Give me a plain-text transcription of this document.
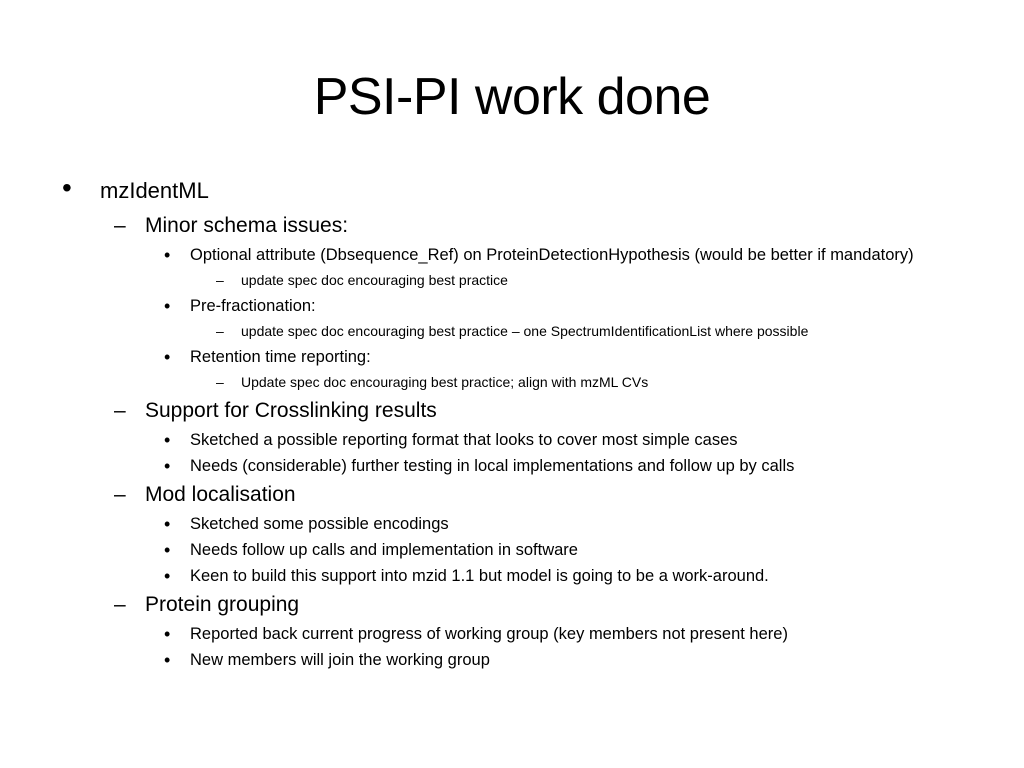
PSI-PI work done
• mzIdentML
– Minor schema issues:
• Optional attribute (Dbsequence_Ref) on ProteinDetectionHypothesis (would be better if mandatory)
– update spec doc encouraging best practice
• Pre-fractionation:
– update spec doc encouraging best practice – one SpectrumIdentificationList where possible
• Retention time reporting:
– Update spec doc encouraging best practice; align with mzML CVs
– Support for Crosslinking results
• Sketched a possible reporting format that looks to cover most simple cases
• Needs (considerable) further testing in local implementations and follow up by calls
– Mod localisation
• Sketched some possible encodings
• Needs follow up calls and implementation in software
• Keen to build this support into mzid 1.1 but model is going to be a work-around.
– Protein grouping
• Reported back current progress of working group (key members not present here)
• New members will join the working group
